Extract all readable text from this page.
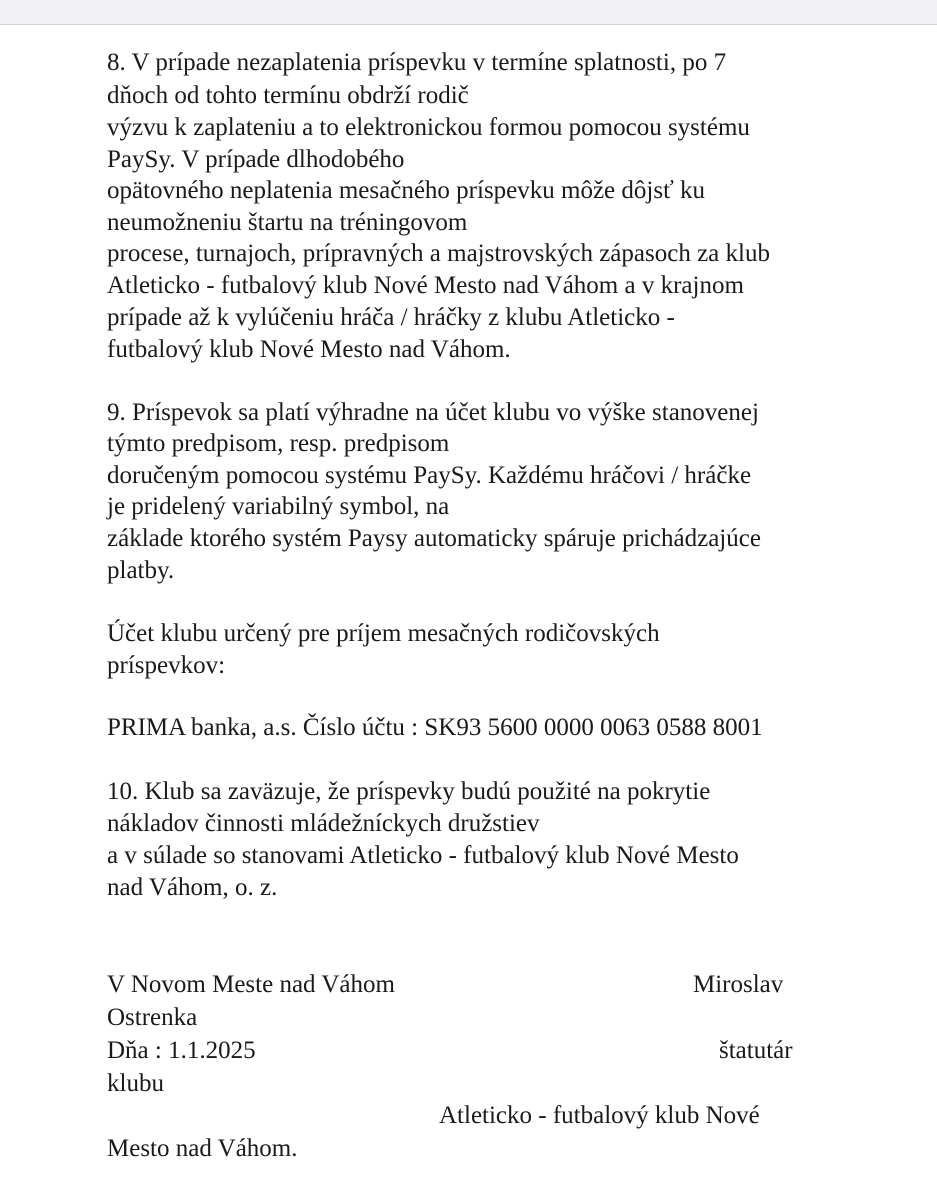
8. V prípade nezaplatenia príspevku v termíne splatnosti, po 7

dňoch od tohto termínu obdrží rodič

výzvu k zaplateniu a to elektronickou formou pomocou systému

PaySy. V prípade dlhodobého

opätovného neplatenia mesačného príspevku môže dôjsť ku

neumožneniu štartu na tréningovom

procese, turnajoch, prípravných a majstrovských zápasoch za klub

Atleticko - futbalový klub Nové Mesto nad Váhom a v krajnom

prípade až k vylúčeniu hráča / hráčky z klubu Atleticko -

futbalový klub Nové Mesto nad Váhom.

9. Príspevok sa platí výhradne na účet klubu vo výške stanovenej

týmto predpisom, resp. predpisom

doručeným pomocou systému PaySy. Každému hráčovi / hráčke

je pridelený variabilný symbol, na

základe ktorého systém Paysy automaticky spáruje prichádzajúce

platby.

Účet klubu určený pre príjem mesačných rodičovských

príspevkov:

PRIMA banka, a.s. Číslo účtu : SK93 5600 0000 0063 0588 8001

10. Klub sa zaväzuje, že príspevky budú použité na pokrytie

nákladov činnosti mládežníckych družstiev

a v súlade so stanovami Atleticko - futbalový klub Nové Mesto

nad Váhom, o. z.

V Novom Meste nad Váhom	Miroslav

Ostrenka

Dňa : 1.1.2025	štatutár

klubu

Atleticko - futbalový klub Nové

Mesto nad Váhom.
